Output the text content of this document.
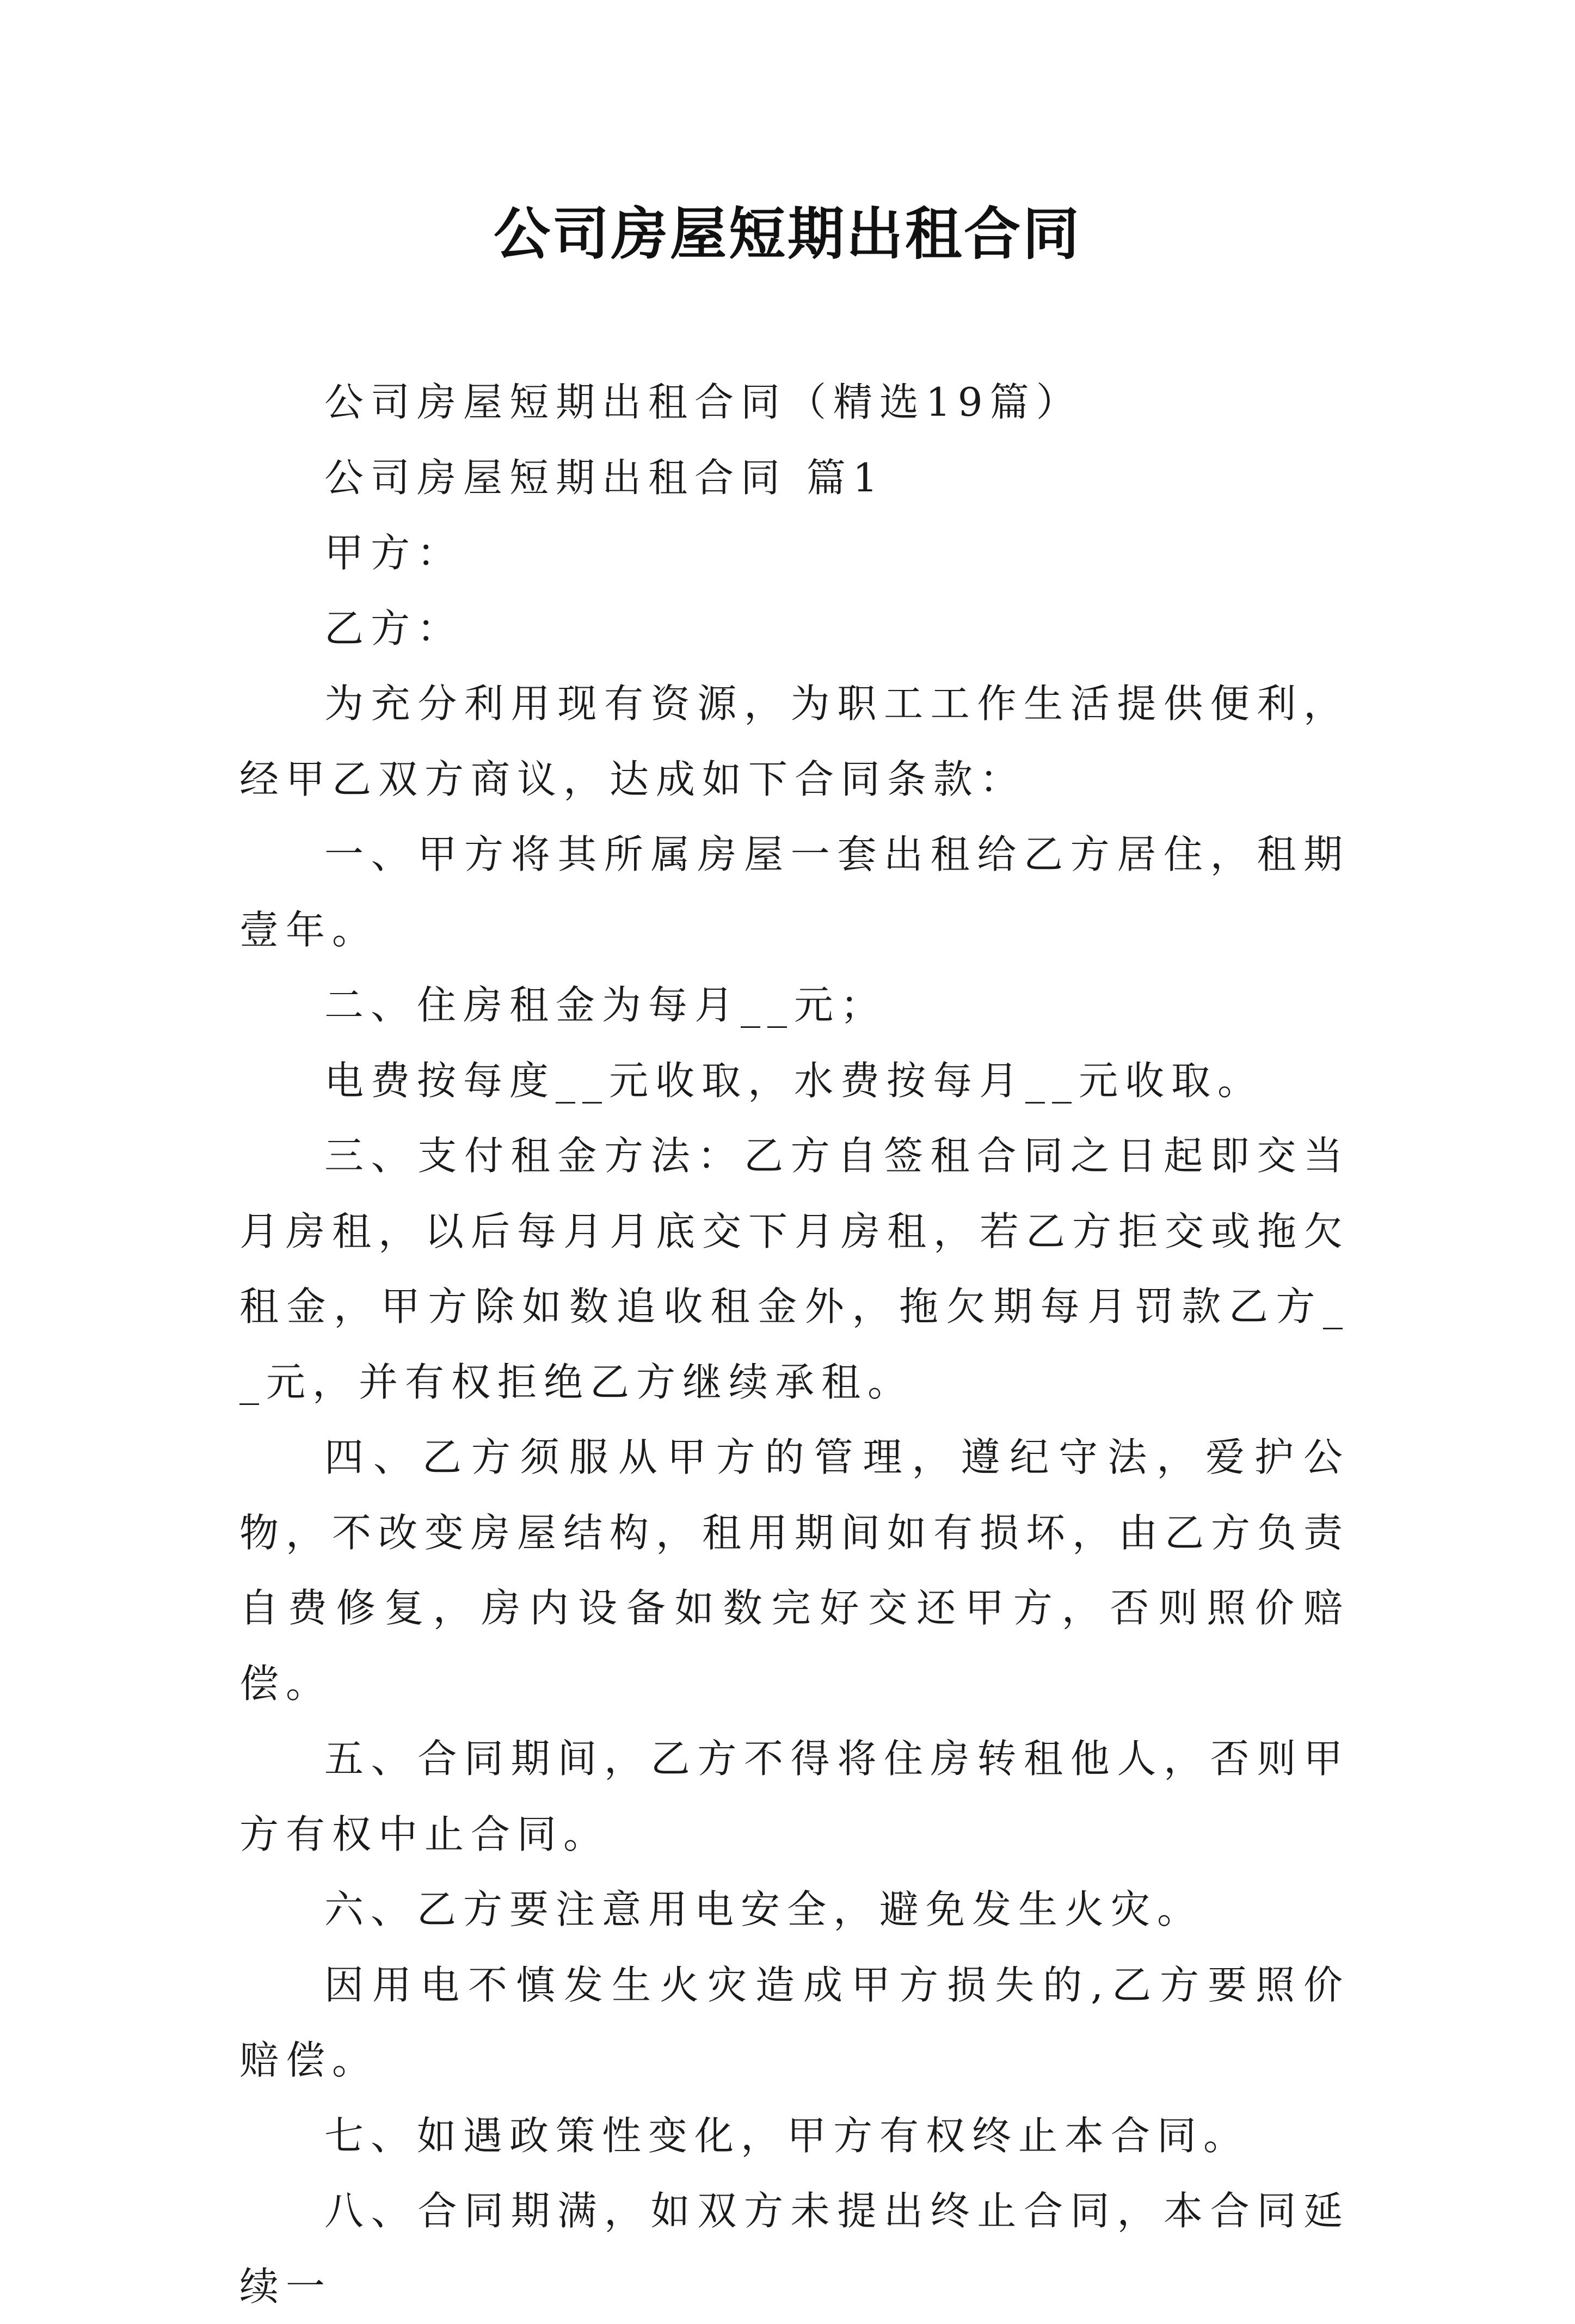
公司房屋短期出租合同

公司房屋短期出租合同（精选19篇）

公司房屋短期出租合同 篇1

甲方：

乙方：

为充分利用现有资源，为职工工作生活提供便利，经甲乙双方商议，达成如下合同条款：

一、甲方将其所属房屋一套出租给乙方居住，租期壹年。

二、住房租金为每月__元；

电费按每度__元收取，水费按每月__元收取。

三、支付租金方法：乙方自签租合同之日起即交当月房租，以后每月月底交下月房租，若乙方拒交或拖欠租金，甲方除如数追收租金外，拖欠期每月罚款乙方__元，并有权拒绝乙方继续承租。

四、乙方须服从甲方的管理，遵纪守法，爱护公物，不改变房屋结构，租用期间如有损坏，由乙方负责自费修复，房内设备如数完好交还甲方，否则照价赔偿。

五、合同期间，乙方不得将住房转租他人，否则甲方有权中止合同。

六、乙方要注意用电安全，避免发生火灾。

因用电不慎发生火灾造成甲方损失的,乙方要照价赔偿。

七、如遇政策性变化，甲方有权终止本合同。

八、合同期满，如双方未提出终止合同，本合同延续一
